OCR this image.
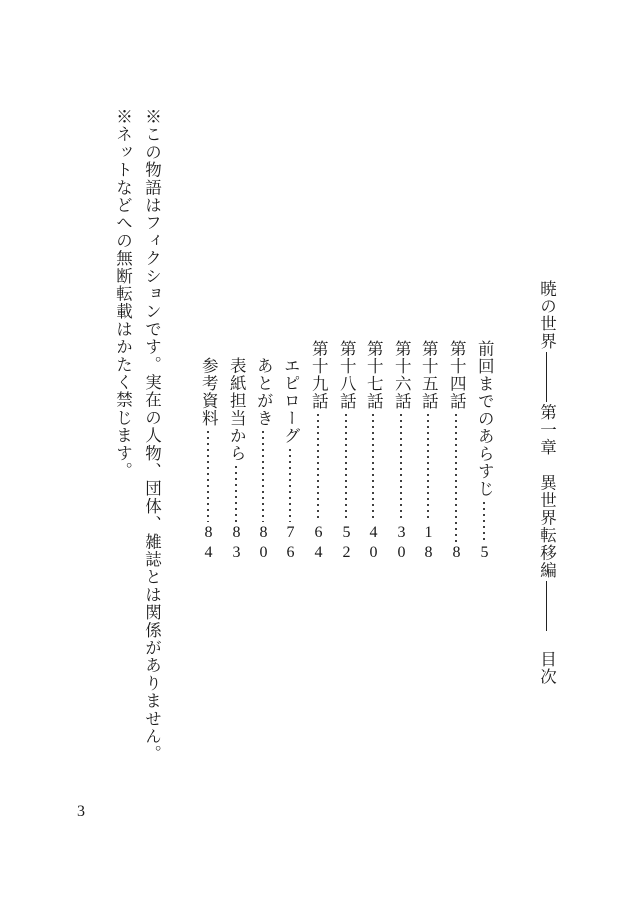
暁の世界第一章異世界転移編目次
前回までのあらすじ
5
第十四話
8
第十五話
18
第十六話
30
第十七話
40
第十八話
52
第十九話
64
エピローグ
76
あとがき
80
表紙担当から
83
参考資料
84
※この物語はフィクションです。実在の人物、団体、雑誌とは関係がありません。
※ネットなどへの無断転載はかたく禁じます。
3
